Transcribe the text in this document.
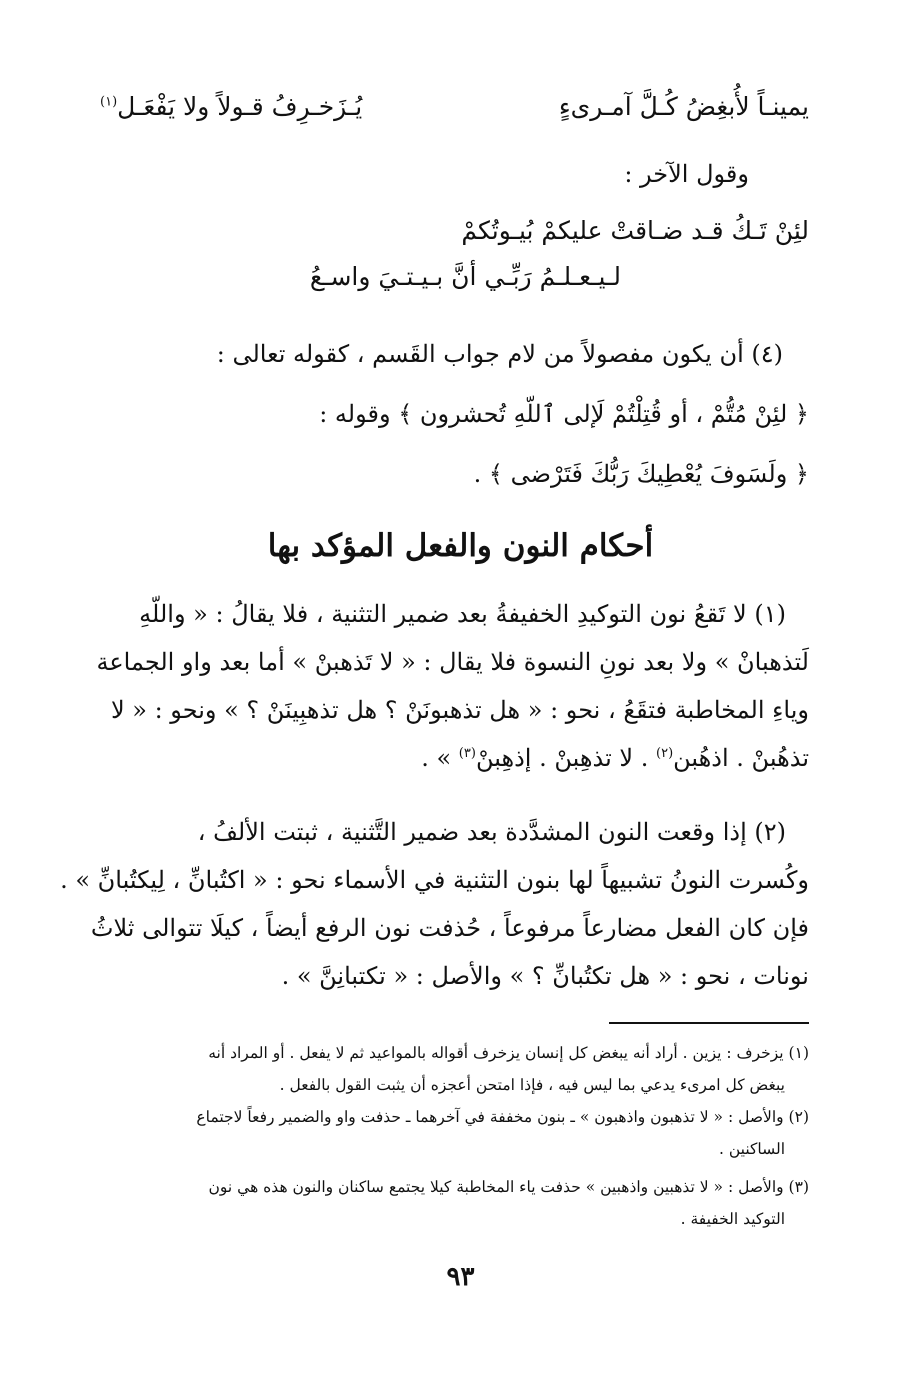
يمينـاً لأُبغِضُ كُـلَّ آمـرىءٍ
يُـزَخـرِفُ قـولاً ولا يَفْعَـل$^{(١)}$
وقول الآخر :
لئِنْ تَـكُ قـد ضـاقتْ عليكمْ بُيـوتُكمْ
لـيـعـلـمُ رَبِّـي أنَّ بـيـتـيَ واسـعُ
(٤) أن يكون مفصولاً من لام جواب القَسم ، كقوله تعالى :
﴿ لئِنْ مُتُّمْ ، أو قُتِلْتُمْ لَإلى ٱللّهِ تُحشرون ﴾ وقوله :
﴿ ولَسَوفَ يُعْطِيكَ رَبُّكَ فَتَرْضى ﴾ .
أحكام النون والفعل المؤكد بها
(١) لا تَقعُ نون التوكيدِ الخفيفةُ بعد ضمير التثنية ، فلا يقالُ : « واللّهِ
لَتذهبانْ » ولا بعد نونِ النسوة فلا يقال : « لا تَذهبنْ » أما بعد واو الجماعة
وياءِ المخاطبة فتقَعُ ، نحو : « هل تذهبونَنْ ؟ هل تذهبِينَنْ ؟ » ونحو : « لا
تذهُبنْ . اذهُبن$^{(٢)}$ . لا تذهِبنْ . إذهِبنْ$^{(٣)}$ » .
(٢) إذا وقعت النون المشدَّدة بعد ضمير التَّثنية ، ثبتت الألفُ ،
وكُسرت النونُ تشبيهاً لها بنون التثنية في الأسماء نحو : « اكتُبانِّ ، لِيكتُبانِّ » .
فإن كان الفعل مضارعاً مرفوعاً ، حُذفت نون الرفع أيضاً ، كيلَا تتوالى ثلاثُ
نونات ، نحو : « هل تكتُبانِّ ؟ » والأصل : « تكتبانِنَّ » .
(١) يزخرف : يزين . أراد أنه يبغض كل إنسان يزخرف أقواله بالمواعيد ثم لا يفعل . أو المراد أنه
يبغض كل امرىء يدعي بما ليس فيه ، فإذا امتحن أعجزه أن يثبت القول بالفعل .
(٢) والأصل : « لا تذهبون واذهبون » ـ بنون مخففة في آخرهما ـ حذفت واو والضمير رفعاً لاجتماع
الساكنين .
(٣) والأصل : « لا تذهبين واذهبين » حذفت ياء المخاطبة كيلا يجتمع ساكنان والنون هذه هي نون
التوكيد الخفيفة .
٩٣
